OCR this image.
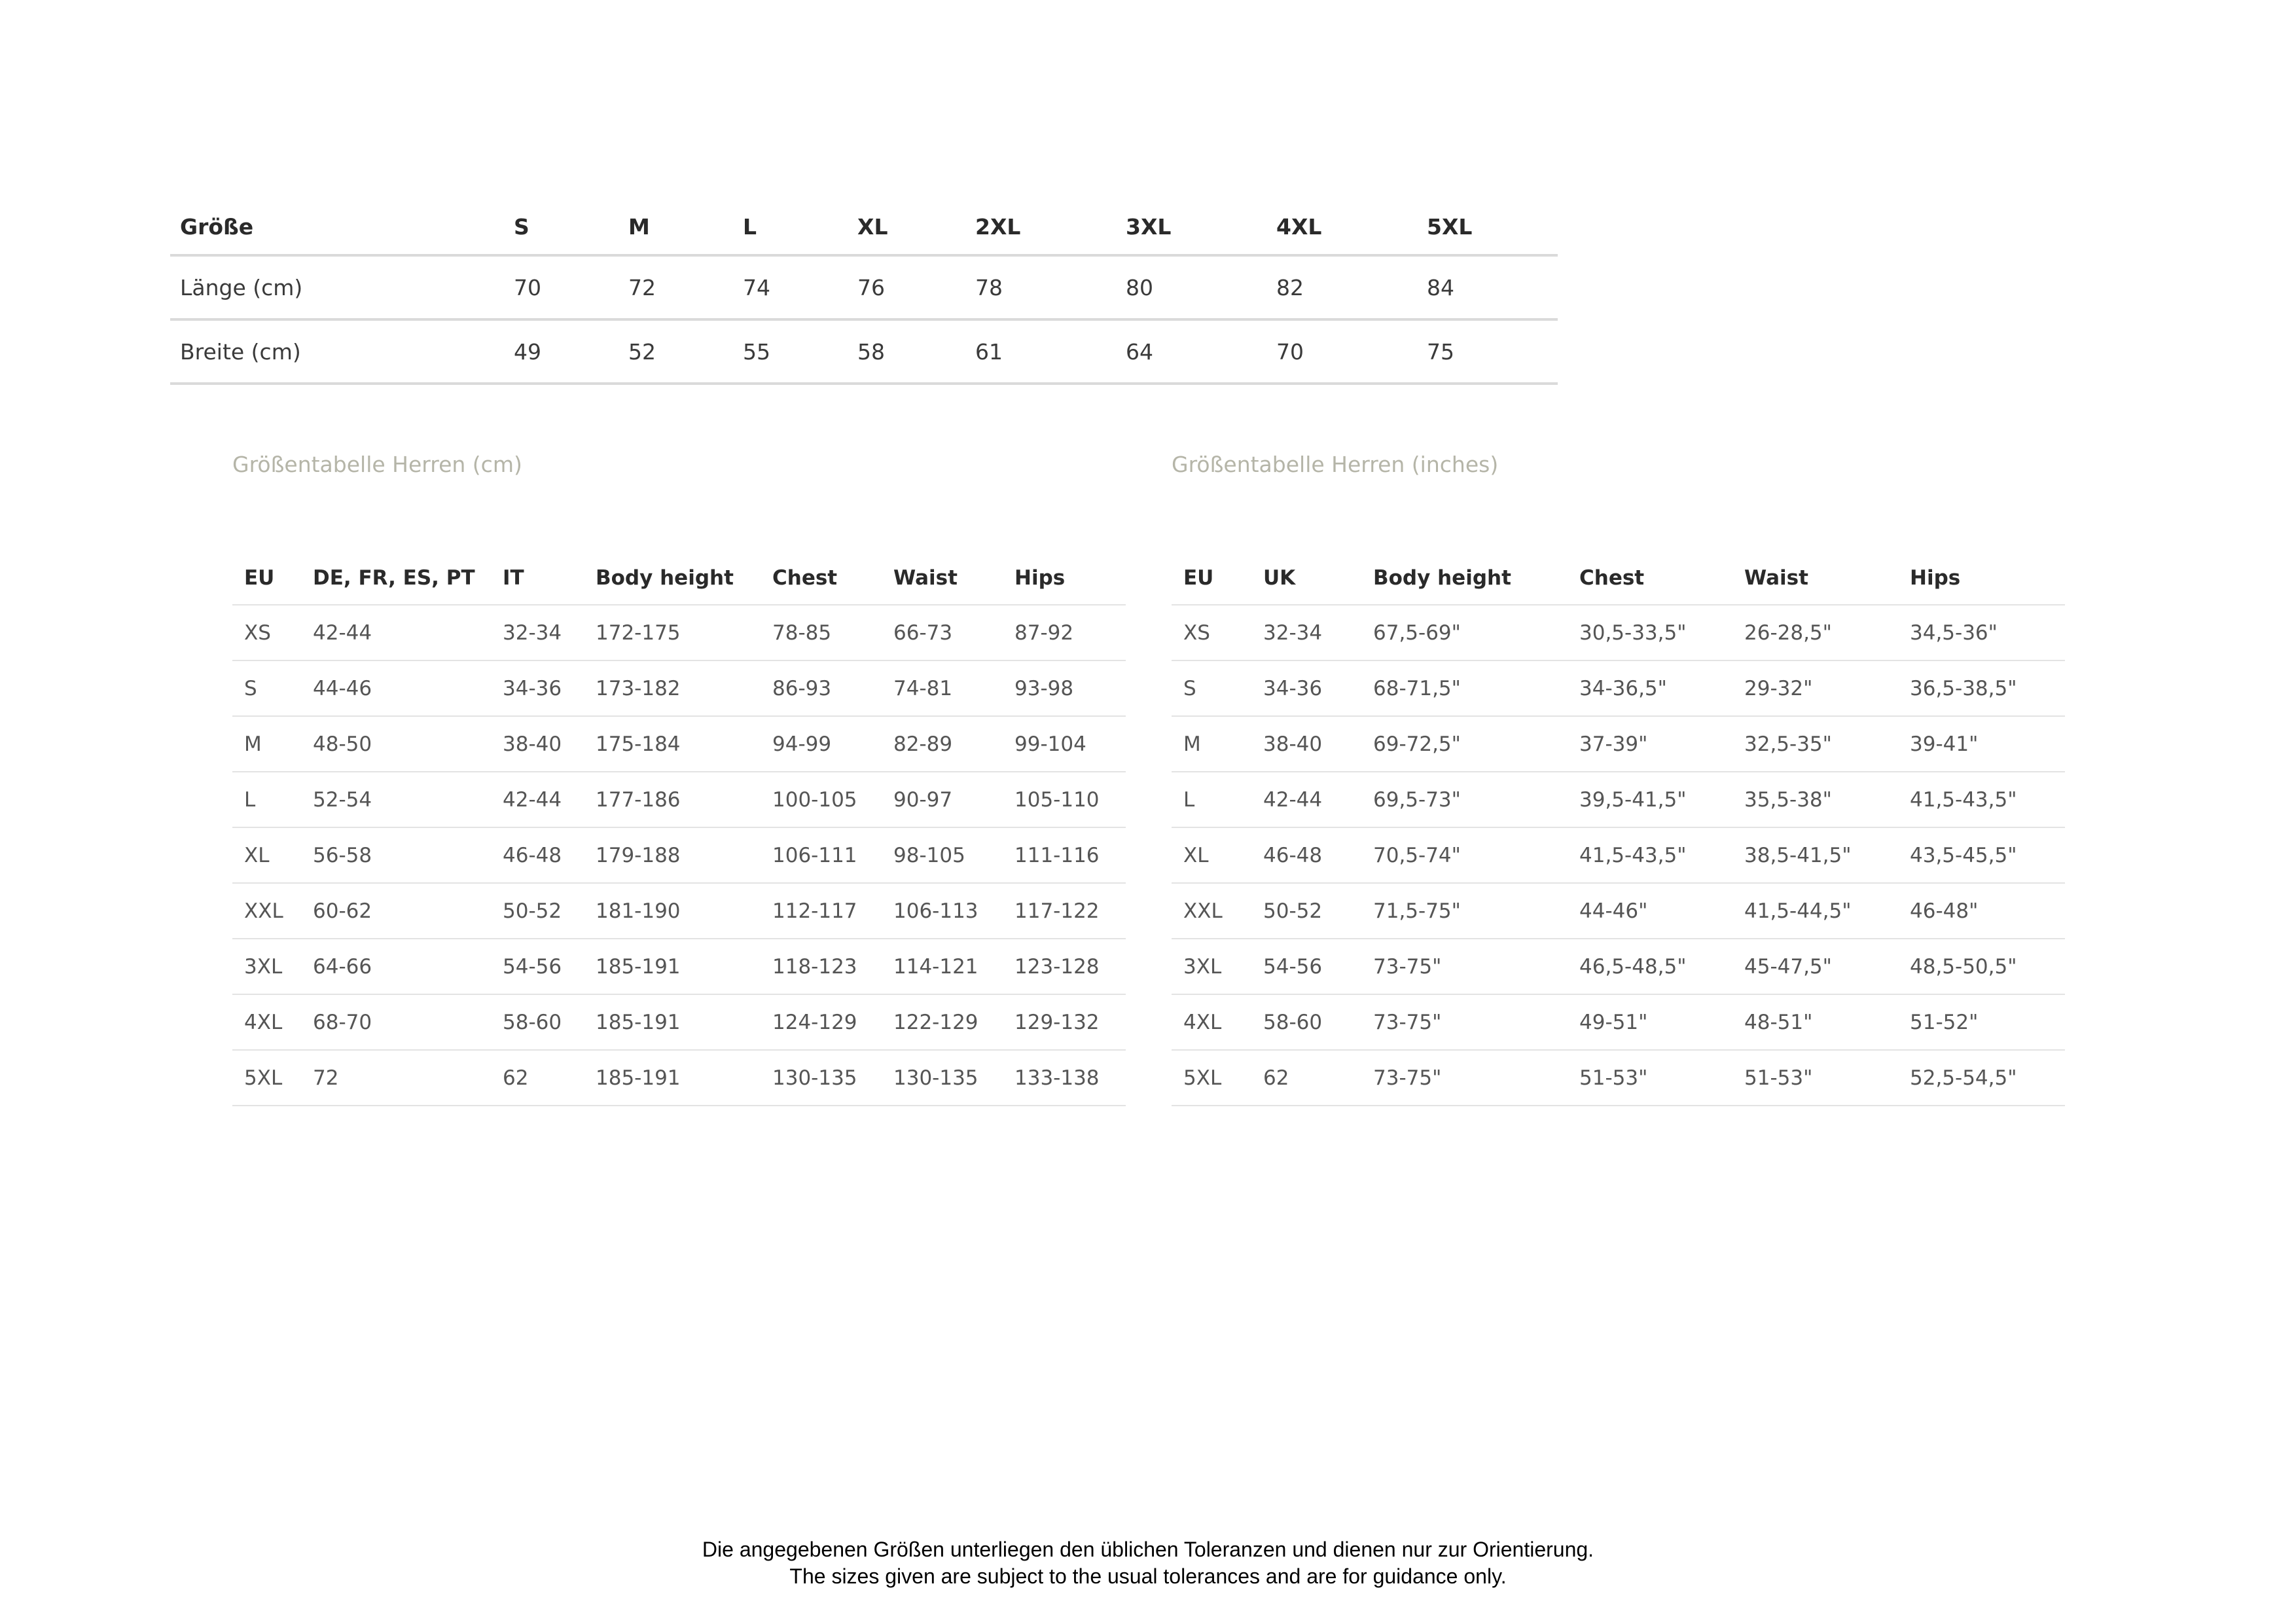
Größe	S	M	L	XL	2XL	3XL	4XL	5XL
Länge (cm)	70	72	74	76	78	80	82	84
Breite (cm)	49	52	55	58	61	64	70	75
Größentabelle Herren (cm)	Größentabelle Herren (inches)
EU	DE, FR, ES, PT	IT	Body height	Chest	Waist	Hips
XS	42-44	32-34	172-175	78-85	66-73	87-92
S	44-46	34-36	173-182	86-93	74-81	93-98
M	48-50	38-40	175-184	94-99	82-89	99-104
L	52-54	42-44	177-186	100-105	90-97	105-110
XL	56-58	46-48	179-188	106-111	98-105	111-116
XXL	60-62	50-52	181-190	112-117	106-113	117-122
3XL	64-66	54-56	185-191	118-123	114-121	123-128
4XL	68-70	58-60	185-191	124-129	122-129	129-132
5XL	72	62	185-191	130-135	130-135	133-138
EU	UK	Body height	Chest	Waist	Hips
XS	32-34	67,5-69"	30,5-33,5"	26-28,5"	34,5-36"
S	34-36	68-71,5"	34-36,5"	29-32"	36,5-38,5"
M	38-40	69-72,5"	37-39"	32,5-35"	39-41"
L	42-44	69,5-73"	39,5-41,5"	35,5-38"	41,5-43,5"
XL	46-48	70,5-74"	41,5-43,5"	38,5-41,5"	43,5-45,5"
XXL	50-52	71,5-75"	44-46"	41,5-44,5"	46-48"
3XL	54-56	73-75"	46,5-48,5"	45-47,5"	48,5-50,5"
4XL	58-60	73-75"	49-51"	48-51"	51-52"
5XL	62	73-75"	51-53"	51-53"	52,5-54,5"
Die angegebenen Größen unterliegen den üblichen Toleranzen und dienen nur zur Orientierung.
The sizes given are subject to the usual tolerances and are for guidance only.
